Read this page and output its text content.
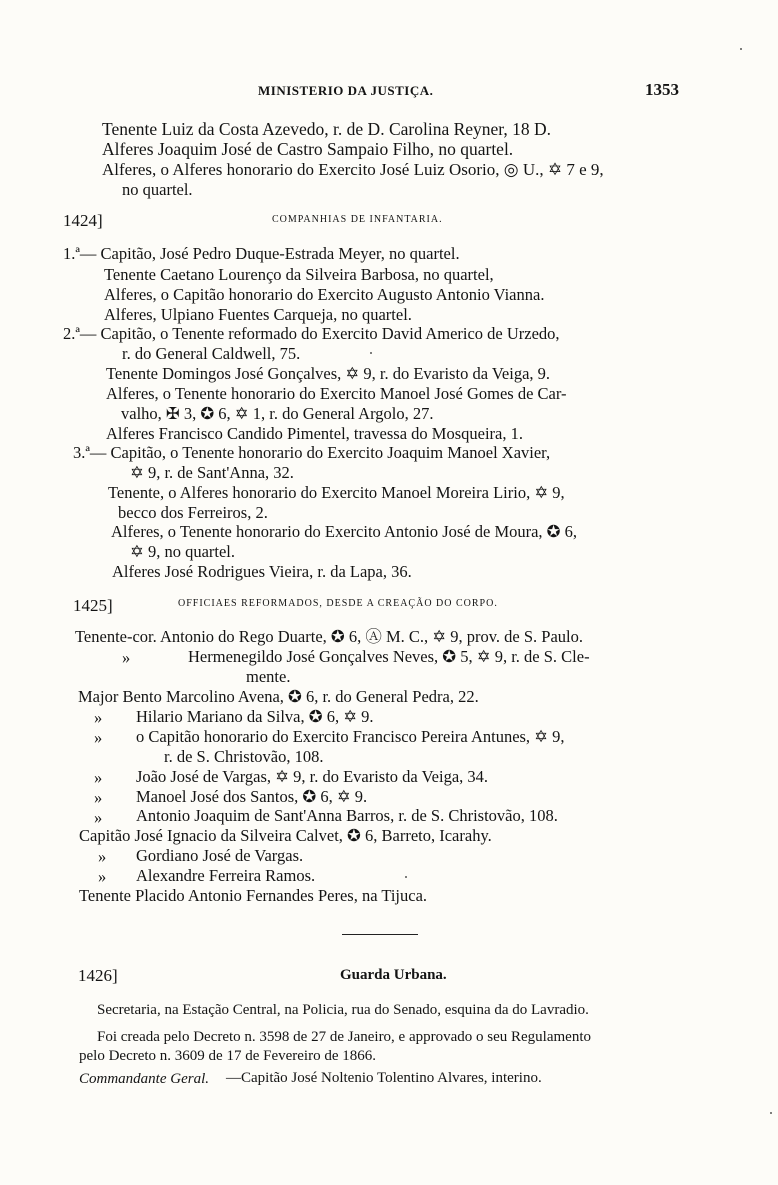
MINISTERIO DA JUSTIÇA.	1353
Tenente Luiz da Costa Azevedo, r. de D. Carolina Reyner, 18 D.
Alferes Joaquim José de Castro Sampaio Filho, no quartel.
Alferes, o Alferes honorario do Exercito José Luiz Osorio, ◎ U., ✡ 7 e 9,
no quartel.
1424]	COMPANHIAS DE INFANTARIA.
1.ª— Capitão, José Pedro Duque-Estrada Meyer, no quartel.
Tenente Caetano Lourenço da Silveira Barbosa, no quartel,
Alferes, o Capitão honorario do Exercito Augusto Antonio Vianna.
Alferes, Ulpiano Fuentes Carqueja, no quartel.
2.ª— Capitão, o Tenente reformado do Exercito David Americo de Urzedo,
r. do General Caldwell, 75.
Tenente Domingos José Gonçalves, ✡ 9, r. do Evaristo da Veiga, 9.
Alferes, o Tenente honorario do Exercito Manoel José Gomes de Car-
valho, ✠ 3, ✪ 6, ✡ 1, r. do General Argolo, 27.
Alferes Francisco Candido Pimentel, travessa do Mosqueira, 1.
3.ª— Capitão, o Tenente honorario do Exercito Joaquim Manoel Xavier,
✡ 9, r. de Sant'Anna, 32.
Tenente, o Alferes honorario do Exercito Manoel Moreira Lirio, ✡ 9,
becco dos Ferreiros, 2.
Alferes, o Tenente honorario do Exercito Antonio José de Moura, ✪ 6,
✡ 9, no quartel.
Alferes José Rodrigues Vieira, r. da Lapa, 36.
1425]	OFFICIAES REFORMADOS, DESDE A CREAÇÃO DO CORPO.
Tenente-cor. Antonio do Rego Duarte, ✪ 6, Ⓐ M. C., ✡ 9, prov. de S. Paulo.
»	Hermenegildo José Gonçalves Neves, ✪ 5, ✡ 9, r. de S. Cle-
mente.
Major Bento Marcolino Avena, ✪ 6, r. do General Pedra, 22.
» Hilario Mariano da Silva, ✪ 6, ✡ 9.
» o Capitão honorario do Exercito Francisco Pereira Antunes, ✡ 9,
r. de S. Christovão, 108.
» João José de Vargas, ✡ 9, r. do Evaristo da Veiga, 34.
» Manoel José dos Santos, ✪ 6, ✡ 9.
» Antonio Joaquim de Sant'Anna Barros, r. de S. Christovão, 108.
Capitão José Ignacio da Silveira Calvet, ✪ 6, Barreto, Icarahy.
» Gordiano José de Vargas.
» Alexandre Ferreira Ramos.
Tenente Placido Antonio Fernandes Peres, na Tijuca.
1426]	Guarda Urbana.
Secretaria, na Estação Central, na Policia, rua do Senado, esquina da do Lavradio.
Foi creada pelo Decreto n. 3598 de 27 de Janeiro, e approvado o seu Regulamento
pelo Decreto n. 3609 de 17 de Fevereiro de 1866.
Commandante Geral. —Capitão José Noltenio Tolentino Alvares, interino.
